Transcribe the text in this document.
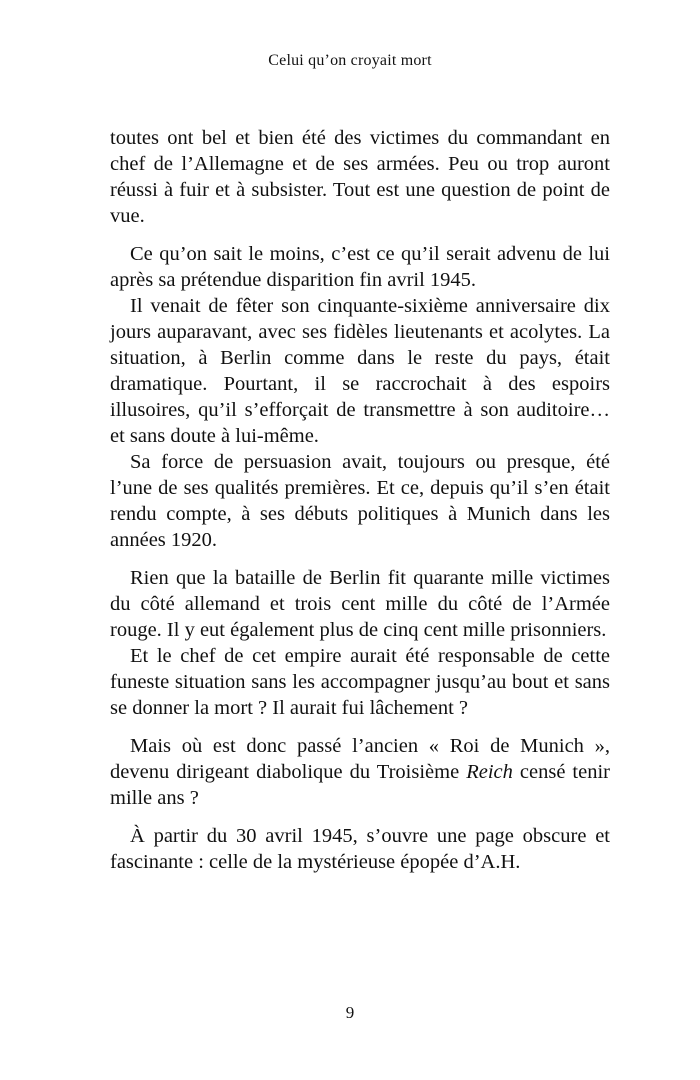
Celui qu’on croyait mort

toutes ont bel et bien été des victimes du commandant en chef de l’Allemagne et de ses armées. Peu ou trop auront réussi à fuir et à subsister. Tout est une question de point de vue.

Ce qu’on sait le moins, c’est ce qu’il serait advenu de lui après sa prétendue disparition fin avril 1945.

Il venait de fêter son cinquante-sixième anniversaire dix jours auparavant, avec ses fidèles lieutenants et acolytes. La situation, à Berlin comme dans le reste du pays, était dramatique. Pourtant, il se raccrochait à des espoirs illusoires, qu’il s’efforçait de transmettre à son auditoire… et sans doute à lui-même.

Sa force de persuasion avait, toujours ou presque, été l’une de ses qualités premières. Et ce, depuis qu’il s’en était rendu compte, à ses débuts politiques à Munich dans les années 1920.

Rien que la bataille de Berlin fit quarante mille victimes du côté allemand et trois cent mille du côté de l’Armée rouge. Il y eut également plus de cinq cent mille prisonniers.

Et le chef de cet empire aurait été responsable de cette funeste situation sans les accompagner jusqu’au bout et sans se donner la mort ? Il aurait fui lâchement ?

Mais où est donc passé l’ancien « Roi de Munich », devenu dirigeant diabolique du Troisième Reich censé tenir mille ans ?

À partir du 30 avril 1945, s’ouvre une page obscure et fascinante : celle de la mystérieuse épopée d’A.H.

9
